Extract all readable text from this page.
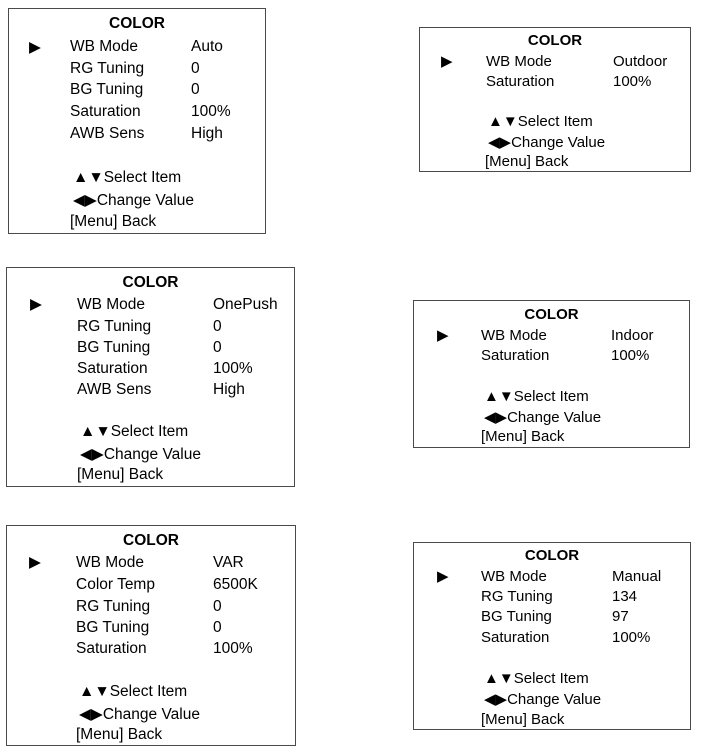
COLOR
▶ WB Mode	Auto
RG Tuning	0
BG Tuning	0
Saturation	100%
AWB Sens	High
▲▼Select Item
◀▶Change Value
[Menu] Back
COLOR
▶ WB Mode	Outdoor
Saturation	100%
▲▼Select Item
◀▶Change Value
[Menu] Back
COLOR
▶ WB Mode	OnePush
RG Tuning	0
BG Tuning	0
Saturation	100%
AWB Sens	High
▲▼Select Item
◀▶Change Value
[Menu] Back
COLOR
▶ WB Mode	Indoor
Saturation	100%
▲▼Select Item
◀▶Change Value
[Menu] Back
COLOR
▶ WB Mode	VAR
Color Temp	6500K
RG Tuning	0
BG Tuning	0
Saturation	100%
▲▼Select Item
◀▶Change Value
[Menu] Back
COLOR
▶ WB Mode	Manual
RG Tuning	134
BG Tuning	97
Saturation	100%
▲▼Select Item
◀▶Change Value
[Menu] Back
